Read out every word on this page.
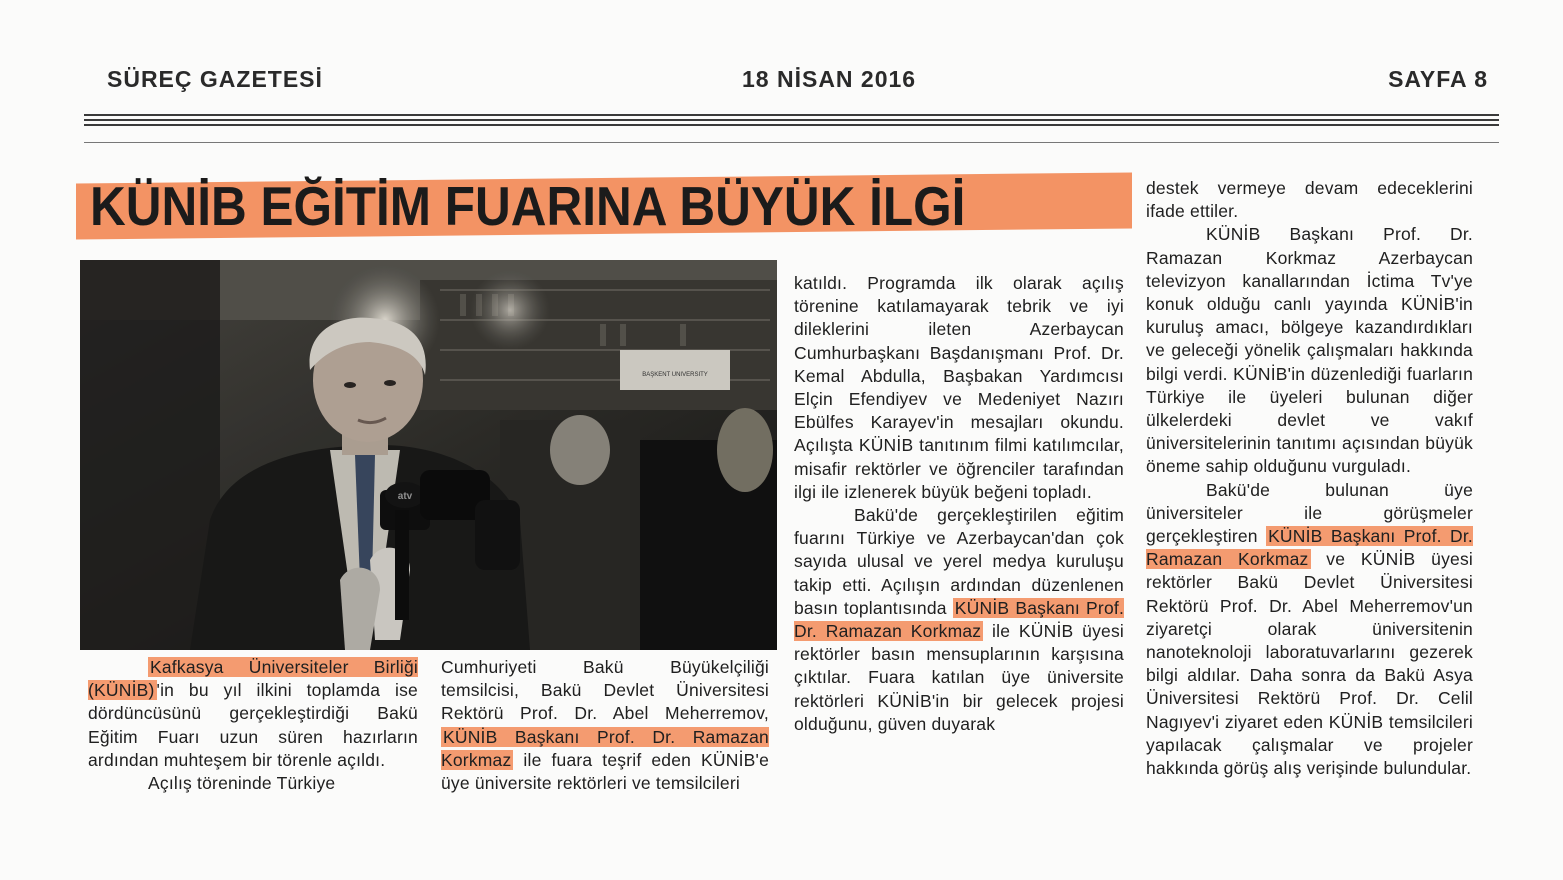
SÜREÇ GAZETESİ	18 NİSAN 2016	SAYFA 8
KÜNİB EĞİTİM FUARINA BÜYÜK İLGİ
BAŞKENT UNIVERSITY
atv

Kafkasya Üniversiteler Birliği (KÜNİB) 'in bu yıl ilkini toplamda ise dördüncüsünü gerçekleştirdiği Bakü Eğitim Fuarı uzun süren hazırların ardından muhteşem bir törenle açıldı.

Açılış töreninde Türkiye

Cumhuriyeti Bakü Büyükelçiliği temsilcisi, Bakü Devlet Üniversitesi Rektörü Prof. Dr. Abel Meherremov, KÜNİB Başkanı Prof. Dr. Ramazan Korkmaz ile fuara teşrif eden KÜNİB'e üye üniversite rektörleri ve temsilcileri

katıldı. Programda ilk olarak açılış törenine katılamayarak tebrik ve iyi dileklerini ileten Azerbaycan Cumhurbaşkanı Başdanışmanı Prof. Dr. Kemal Abdulla, Başbakan Yardımcısı Elçin Efendiyev ve Medeniyet Nazırı Ebülfes Karayev'in mesajları okundu. Açılışta KÜNİB tanıtınım filmi katılımcılar, misafir rektörler ve öğrenciler tarafından ilgi ile izlenerek büyük beğeni topladı.

Bakü'de gerçekleştirilen eğitim fuarını Türkiye ve Azerbaycan'dan çok sayıda ulusal ve yerel medya kuruluşu takip etti. Açılışın ardından düzenlenen basın toplantısında KÜNİB Başkanı Prof. Dr. Ramazan Korkmaz ile KÜNİB üyesi rektörler basın mensuplarının karşısına çıktılar. Fuara katılan üye üniversite rektörleri KÜNİB'in bir gelecek projesi olduğunu, güven duyarak

destek vermeye devam edeceklerini ifade ettiler.

KÜNİB Başkanı Prof. Dr. Ramazan Korkmaz Azerbaycan televizyon kanallarından İctima Tv'ye konuk olduğu canlı yayında KÜNİB'in kuruluş amacı, bölgeye kazandırdıkları ve geleceği yönelik çalışmaları hakkında bilgi verdi. KÜNİB'in düzenlediği fuarların Türkiye ile üyeleri bulunan diğer ülkelerdeki devlet ve vakıf üniversitelerinin tanıtımı açısından büyük öneme sahip olduğunu vurguladı.

Bakü'de bulunan üye üniversiteler ile görüşmeler gerçekleştiren KÜNİB Başkanı Prof. Dr. Ramazan Korkmaz ve KÜNİB üyesi rektörler Bakü Devlet Üniversitesi Rektörü Prof. Dr. Abel Meherremov'un ziyaretçi olarak üniversitenin nanoteknoloji laboratuvarlarını gezerek bilgi aldılar. Daha sonra da Bakü Asya Üniversitesi Rektörü Prof. Dr. Celil Nagıyev'i ziyaret eden KÜNİB temsilcileri yapılacak çalışmalar ve projeler hakkında görüş alış verişinde bulundular.
